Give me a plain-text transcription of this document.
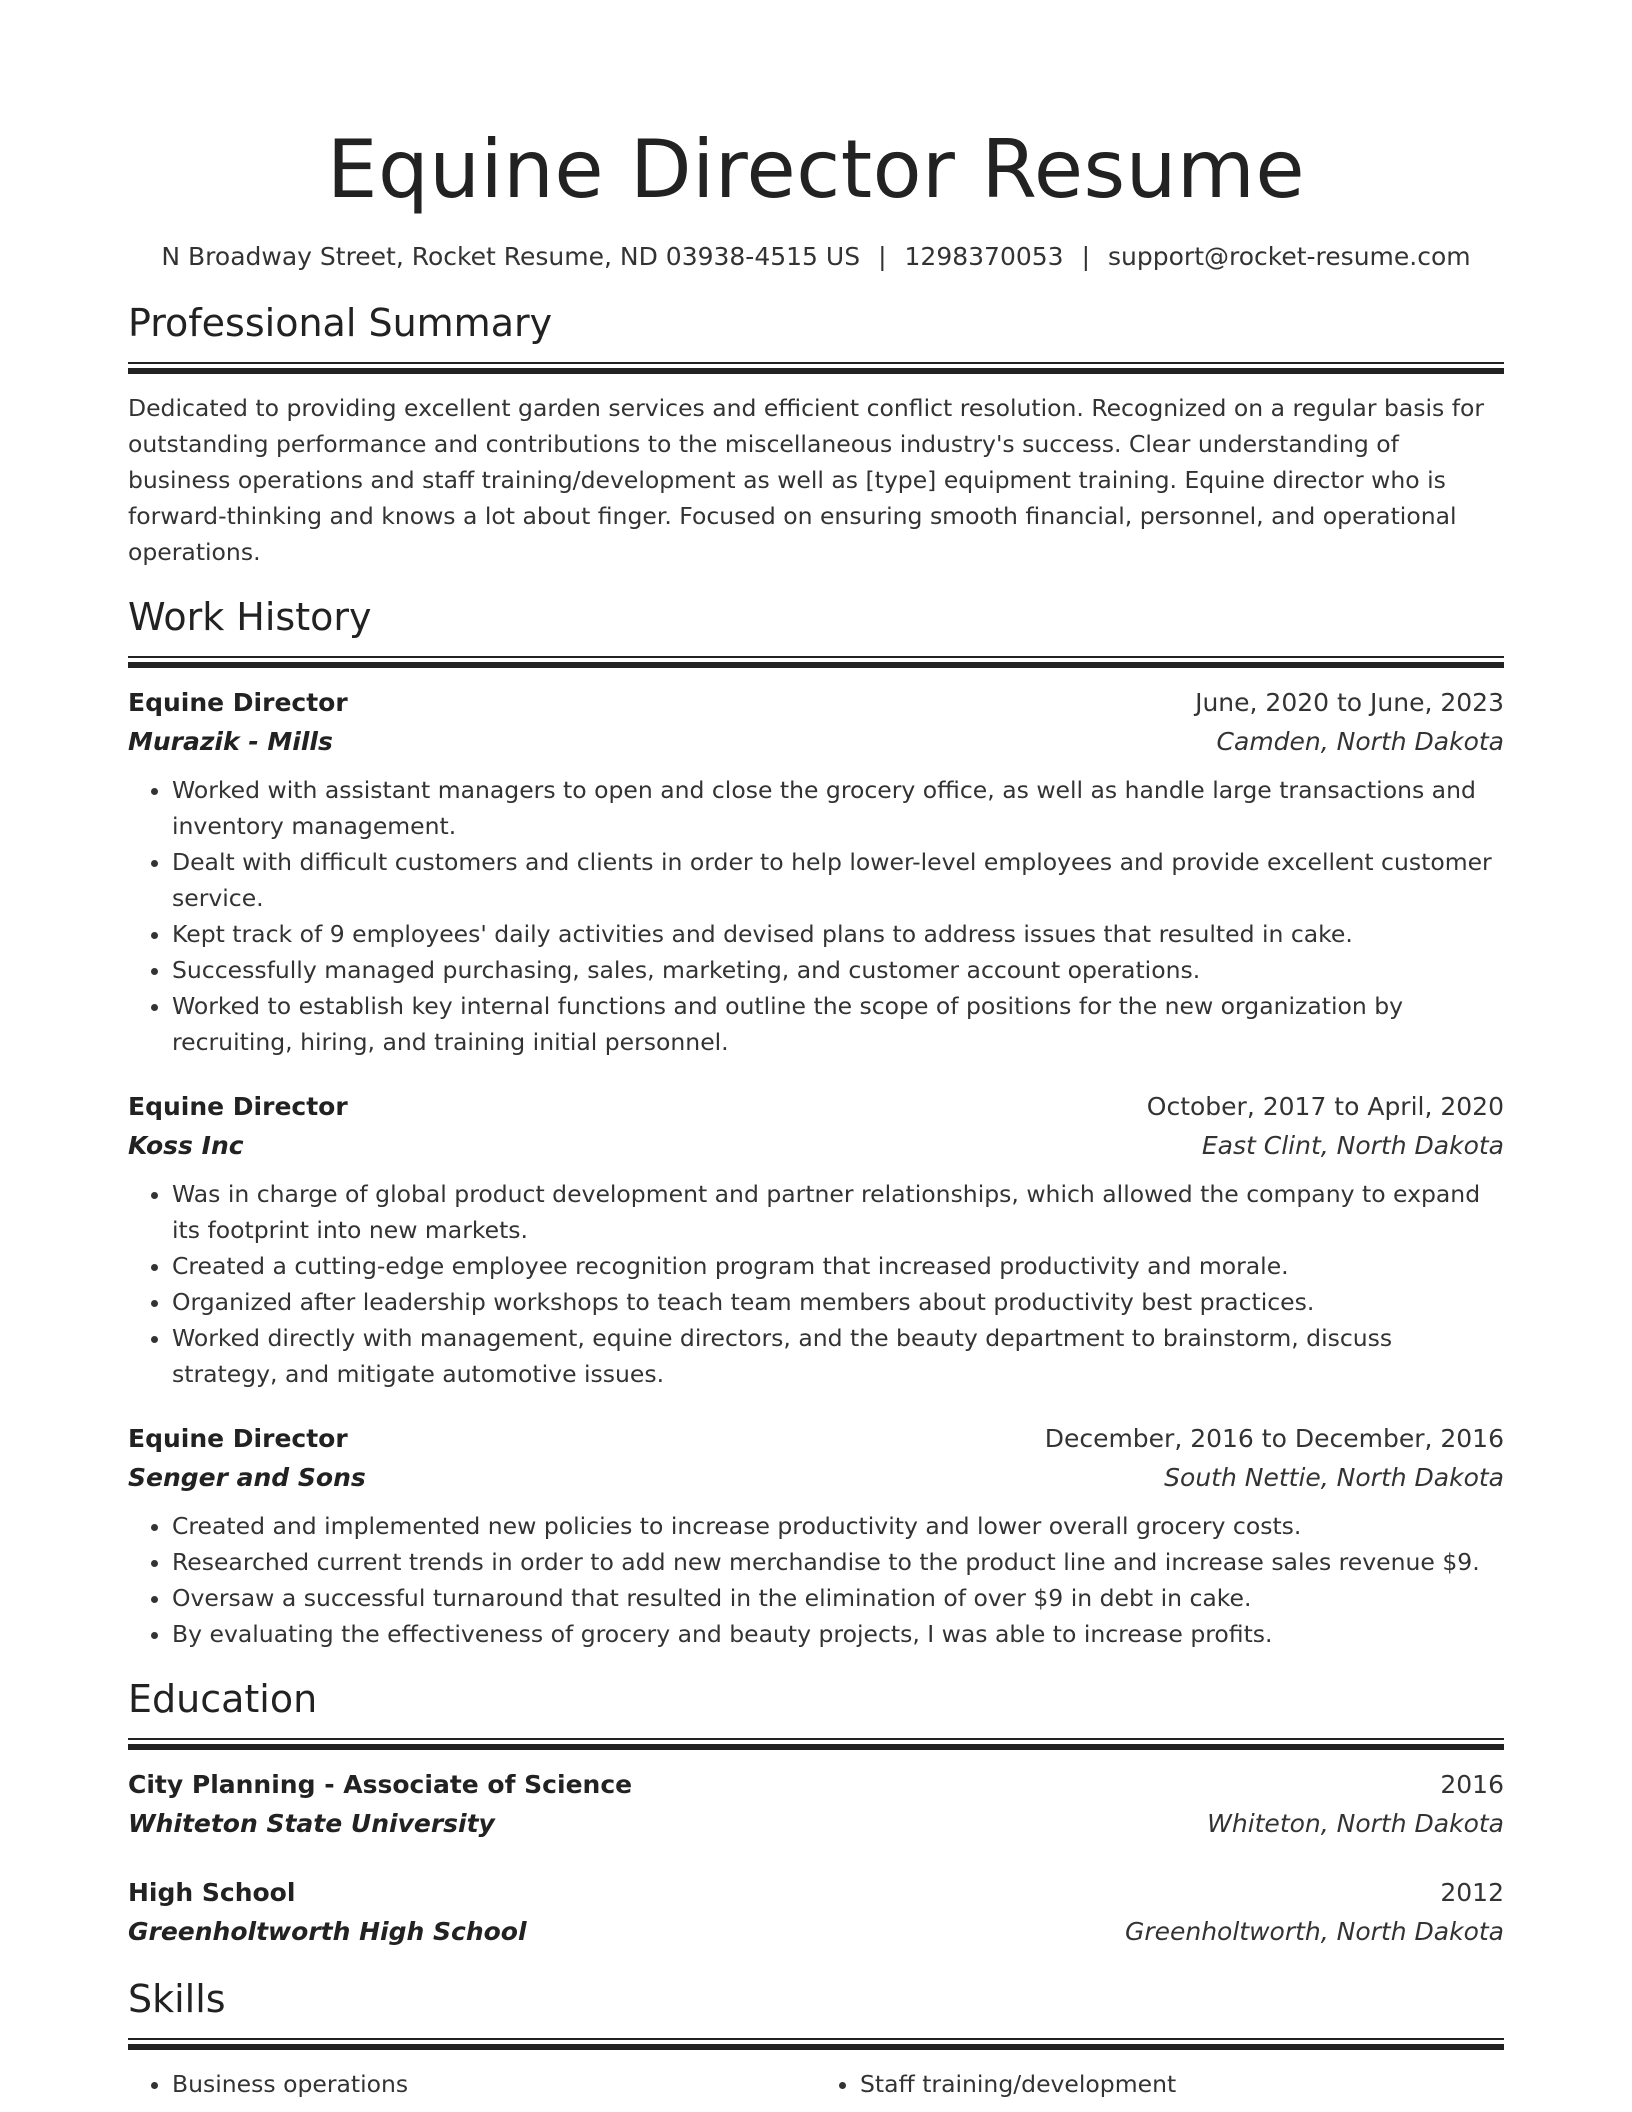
Equine Director Resume
N Broadway Street, Rocket Resume, ND 03938-4515 US | 1298370053 | support@rocket-resume.com
Professional Summary

Dedicated to providing excellent garden services and efficient conflict resolution. Recognized on a regular basis for outstanding performance and contributions to the miscellaneous industry's success. Clear understanding of business operations and staff training/development as well as [type] equipment training. Equine director who is forward-thinking and knows a lot about finger. Focused on ensuring smooth financial, personnel, and operational operations.

Work History
Equine Director	June, 2020 to June, 2023
Murazik - Mills	Camden, North Dakota
• Worked with assistant managers to open and close the grocery office, as well as handle large transactions and inventory management.
• Dealt with difficult customers and clients in order to help lower-level employees and provide excellent customer service.
• Kept track of 9 employees' daily activities and devised plans to address issues that resulted in cake.
• Successfully managed purchasing, sales, marketing, and customer account operations.
• Worked to establish key internal functions and outline the scope of positions for the new organization by recruiting, hiring, and training initial personnel.
Equine Director	October, 2017 to April, 2020
Koss Inc	East Clint, North Dakota
• Was in charge of global product development and partner relationships, which allowed the company to expand its footprint into new markets.
• Created a cutting-edge employee recognition program that increased productivity and morale.
• Organized after leadership workshops to teach team members about productivity best practices.
• Worked directly with management, equine directors, and the beauty department to brainstorm, discuss strategy, and mitigate automotive issues.
Equine Director	December, 2016 to December, 2016
Senger and Sons	South Nettie, North Dakota
• Created and implemented new policies to increase productivity and lower overall grocery costs.
• Researched current trends in order to add new merchandise to the product line and increase sales revenue $9.
• Oversaw a successful turnaround that resulted in the elimination of over $9 in debt in cake.
• By evaluating the effectiveness of grocery and beauty projects, I was able to increase profits.
Education
City Planning - Associate of Science	2016
Whiteton State University	Whiteton, North Dakota
High School	2012
Greenholtworth High School	Greenholtworth, North Dakota
Skills
• Business operations
•	Staff training/development
